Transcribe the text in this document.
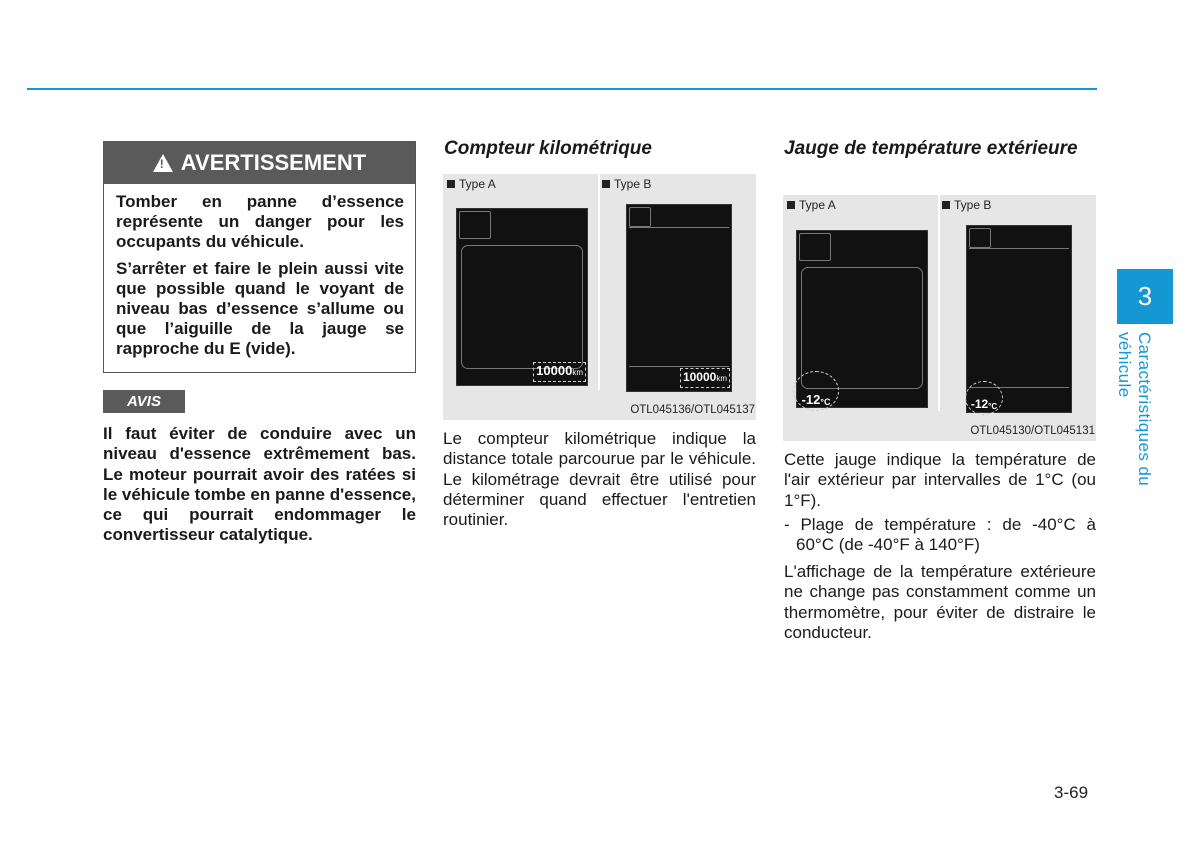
! AVERTISSEMENT

Tomber en panne d’essence représente un danger pour les occupants du véhicule.

S’arrêter et faire le plein aussi vite que possible quand le voyant de niveau bas d’essence s’allume ou que l’aiguille de la jauge se rapproche du E (vide).

AVIS

Il faut éviter de conduire avec un niveau d'essence extrêmement bas. Le moteur pourrait avoir des ratées si le véhicule tombe en panne d'essence, ce qui pourrait endommager le convertisseur catalytique.

Compteur kilométrique
Type A	Type B
10000km	10000km
OTL045136/OTL045137

Le compteur kilométrique indique la distance totale parcourue par le véhicule. Le kilométrage devrait être utilisé pour déterminer quand effectuer l'entretien routinier.

Jauge de température extérieure
Type A	Type B
-12 °C	-12 °C
OTL045130/OTL045131

Cette jauge indique la température de l'air extérieur par intervalles de 1°C (ou 1°F).

- Plage de température : de -40°C à 60°C (de -40°F à 140°F)

L'affichage de la température extérieure ne change pas constamment comme un thermomètre, pour éviter de distraire le conducteur.

3
Caractéristiques du véhicule
3-69
